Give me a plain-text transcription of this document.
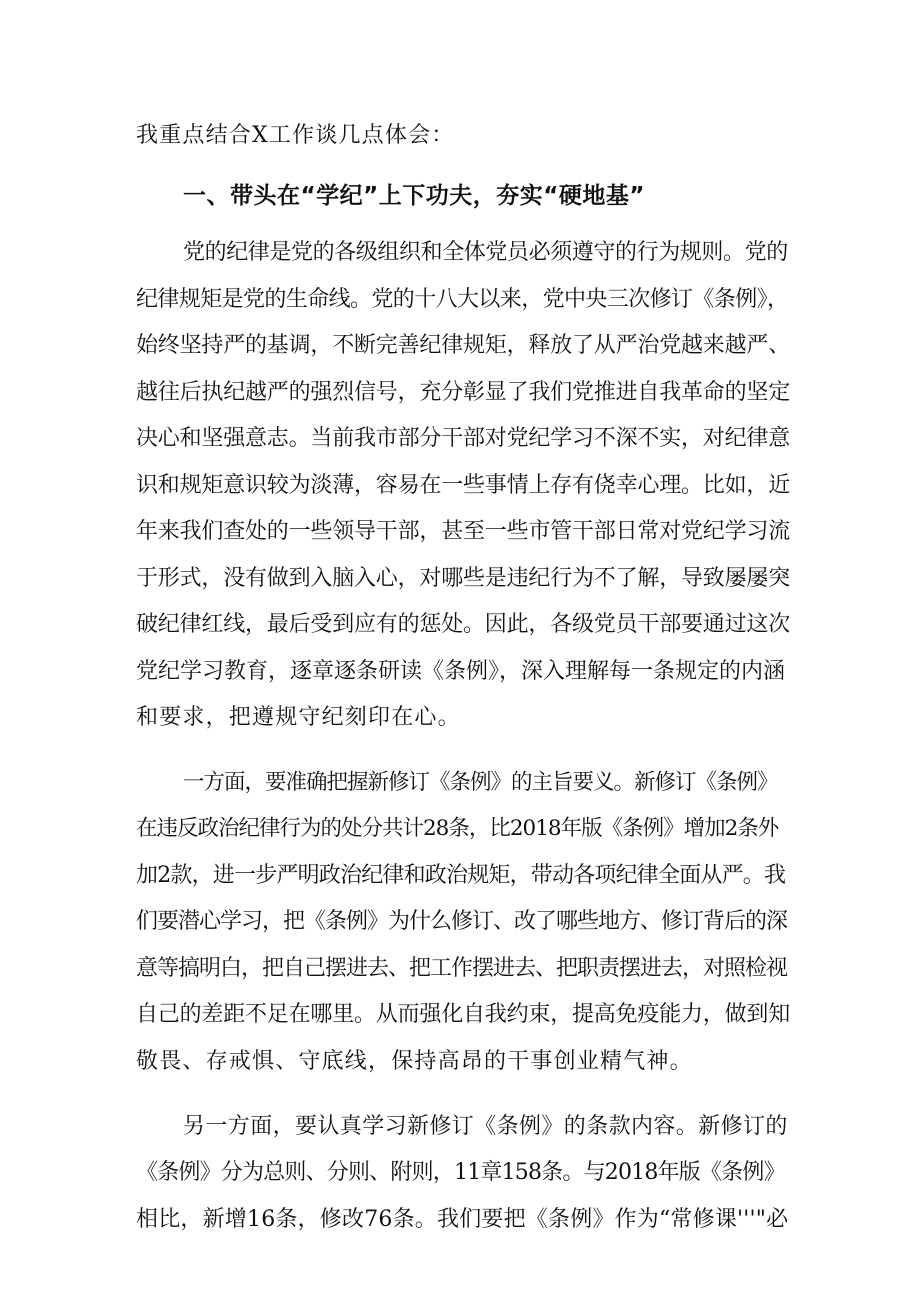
我重点结合X工作谈几点体会：
一、带头在“学纪”上下功夫，夯实“硬地基”
党的纪律是党的各级组织和全体党员必须遵守的行为规则。党的
纪律规矩是党的生命线。党的十八大以来，党中央三次修订《条例》，
始终坚持严的基调，不断完善纪律规矩，释放了从严治党越来越严、
越往后执纪越严的强烈信号，充分彰显了我们党推进自我革命的坚定
决心和坚强意志。当前我市部分干部对党纪学习不深不实，对纪律意
识和规矩意识较为淡薄，容易在一些事情上存有侥幸心理。比如，近
年来我们查处的一些领导干部，甚至一些市管干部日常对党纪学习流
于形式，没有做到入脑入心，对哪些是违纪行为不了解，导致屡屡突
破纪律红线，最后受到应有的惩处。因此，各级党员干部要通过这次
党纪学习教育，逐章逐条研读《条例》，深入理解每一条规定的内涵
和要求，把遵规守纪刻印在心。
一方面，要准确把握新修订《条例》的主旨要义。新修订《条例》
在违反政治纪律行为的处分共计28条，比2018年版《条例》增加2条外
加2款，进一步严明政治纪律和政治规矩，带动各项纪律全面从严。我
们要潜心学习，把《条例》为什么修订、改了哪些地方、修订背后的深
意等搞明白，把自己摆进去、把工作摆进去、把职责摆进去，对照检视
自己的差距不足在哪里。从而强化自我约束，提高免疫能力，做到知
敬畏、存戒惧、守底线，保持高昂的干事创业精气神。
另一方面，要认真学习新修订《条例》的条款内容。新修订的
《条例》分为总则、分则、附则，11章158条。与2018年版《条例》
相比，新增16条，修改76条。我们要把《条例》作为“常修课'''"必
